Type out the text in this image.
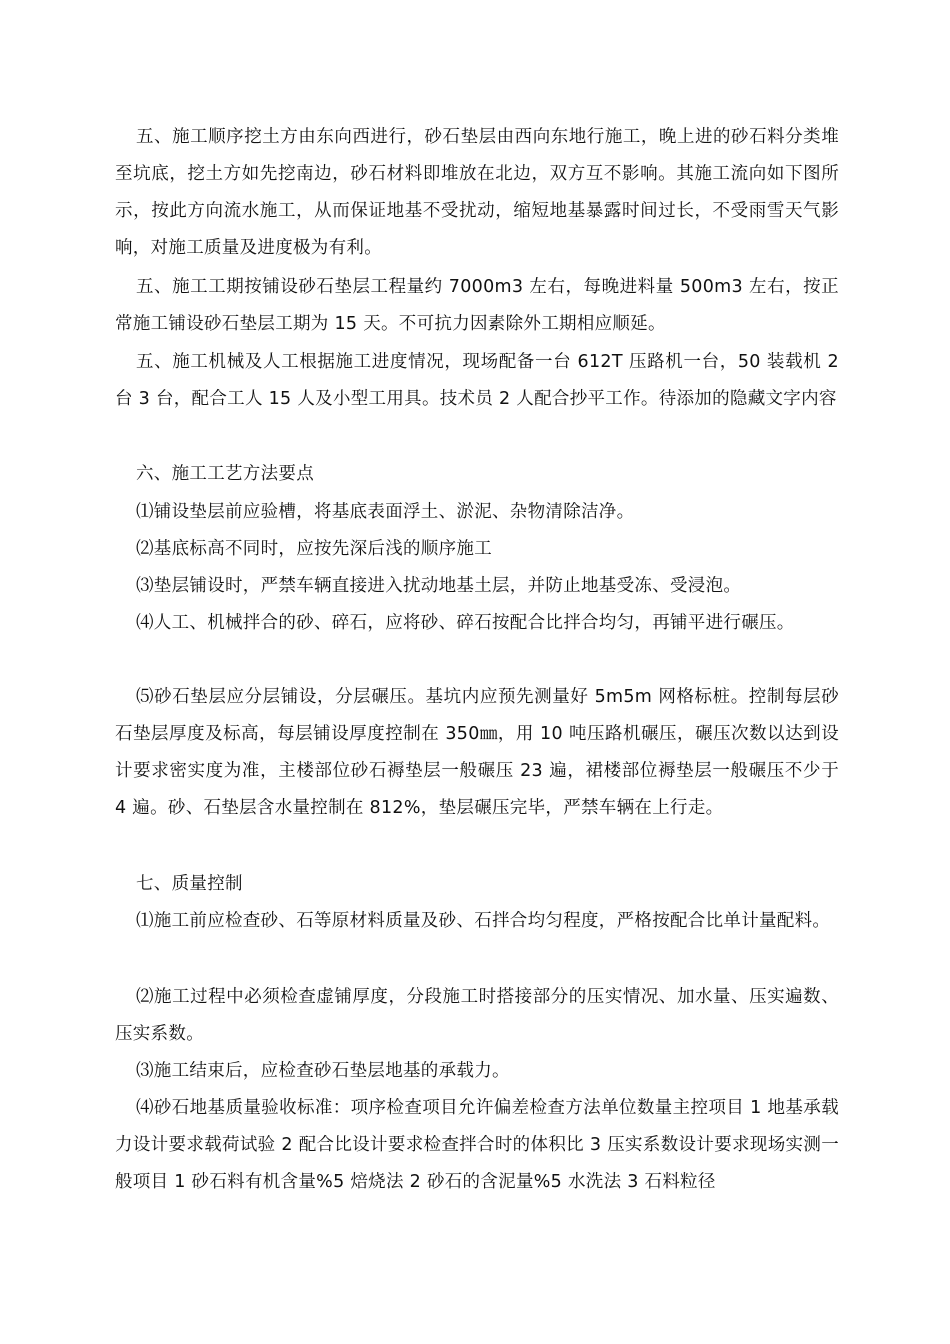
五、施工顺序挖土方由东向西进行，砂石垫层由西向东地行施工，晚上进的砂石料分类堆至坑底，挖土方如先挖南边，砂石材料即堆放在北边，双方互不影响。其施工流向如下图所示，按此方向流水施工，从而保证地基不受扰动，缩短地基暴露时间过长，不受雨雪天气影响，对施工质量及进度极为有利。

五、施工工期按铺设砂石垫层工程量约 7000m3 左右，每晚进料量 500m3 左右，按正常施工铺设砂石垫层工期为 15 天。不可抗力因素除外工期相应顺延。

五、施工机械及人工根据施工进度情况，现场配备一台 612T 压路机一台，50 装载机 2 台 3 台，配合工人 15 人及小型工用具。技术员 2 人配合抄平工作。待添加的隐藏文字内容

六、施工工艺方法要点

⑴铺设垫层前应验槽，将基底表面浮土、淤泥、杂物清除洁净。

⑵基底标高不同时，应按先深后浅的顺序施工

⑶垫层铺设时，严禁车辆直接进入扰动地基土层，并防止地基受冻、受浸泡。

⑷人工、机械拌合的砂、碎石，应将砂、碎石按配合比拌合均匀，再铺平进行碾压。

⑸砂石垫层应分层铺设，分层碾压。基坑内应预先测量好 5m5m 网格标桩。控制每层砂石垫层厚度及标高，每层铺设厚度控制在 350㎜，用 10 吨压路机碾压，碾压次数以达到设计要求密实度为准，主楼部位砂石褥垫层一般碾压 23 遍，裙楼部位褥垫层一般碾压不少于 4 遍。砂、石垫层含水量控制在 812%，垫层碾压完毕，严禁车辆在上行走。

七、质量控制

⑴施工前应检查砂、石等原材料质量及砂、石拌合均匀程度，严格按配合比单计量配料。

⑵施工过程中必须检查虚铺厚度，分段施工时搭接部分的压实情况、加水量、压实遍数、压实系数。

⑶施工结束后，应检查砂石垫层地基的承载力。

⑷砂石地基质量验收标准：项序检查项目允许偏差检查方法单位数量主控项目 1 地基承载力设计要求载荷试验 2 配合比设计要求检查拌合时的体积比 3 压实系数设计要求现场实测一般项目 1 砂石料有机含量%5 焙烧法 2 砂石的含泥量%5 水洗法 3 石料粒径
